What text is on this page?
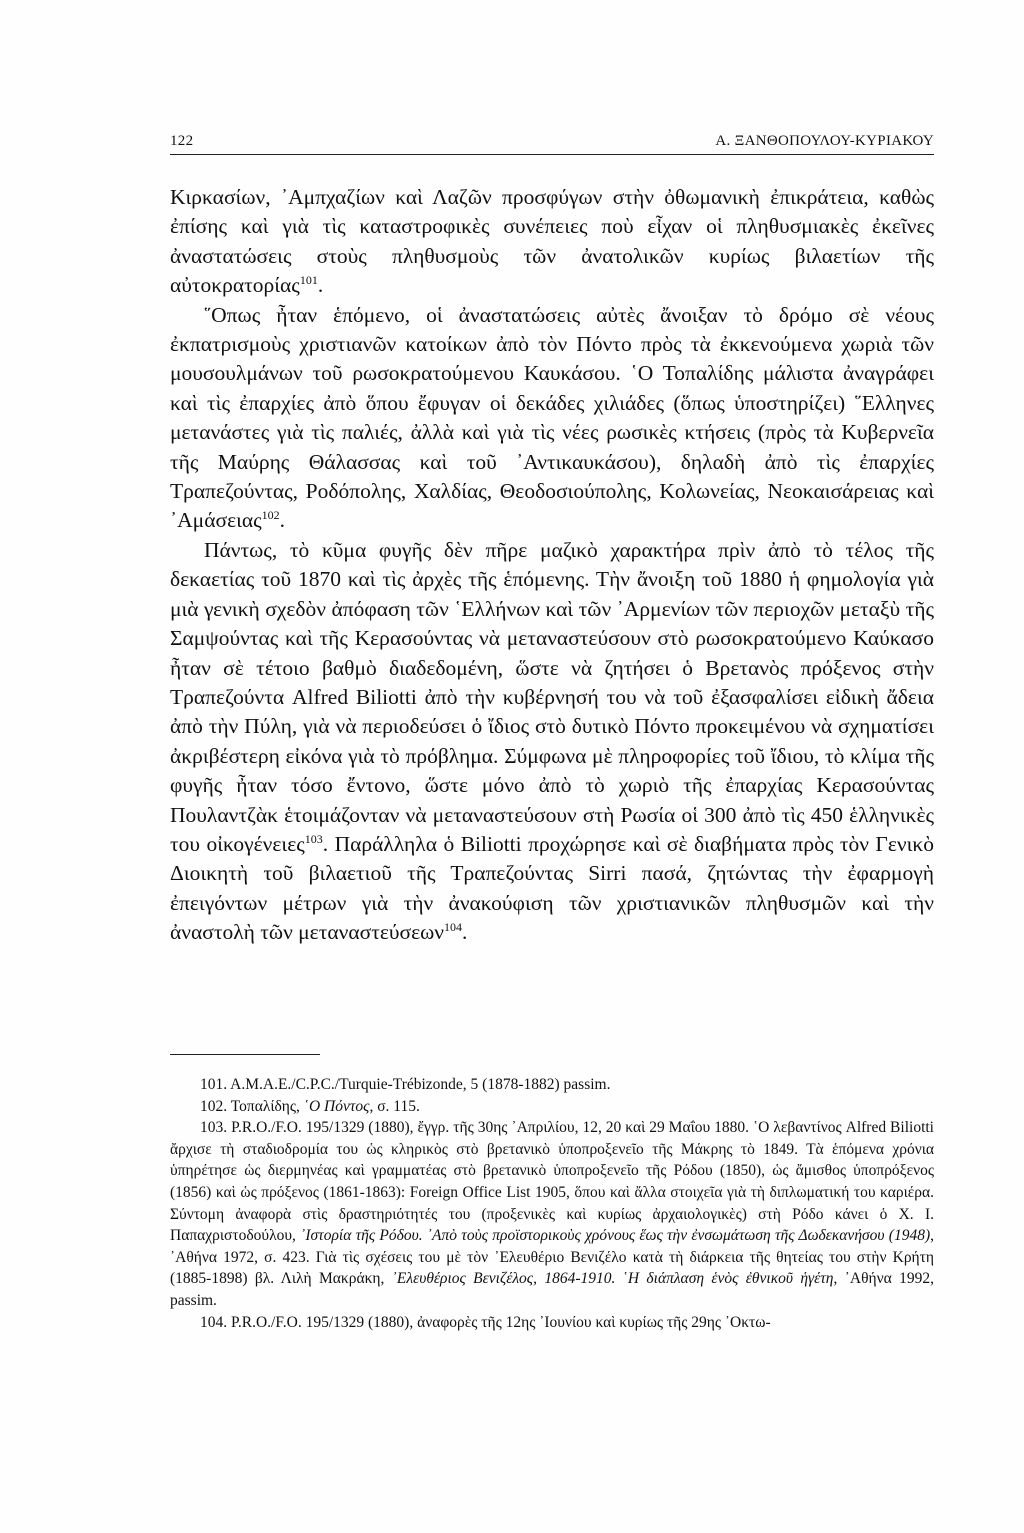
122	Α. ΞΑΝΘΟΠΟΥΛΟΥ-ΚΥΡΙΑΚΟΥ

Κιρκασίων, ᾿Αμπχαζίων καὶ Λαζῶν προσφύγων στὴν ὀθωμανικὴ ἐπικράτεια, καθὼς ἐπίσης καὶ γιὰ τὶς καταστροφικὲς συνέπειες ποὺ εἶχαν οἱ πληθυσμιακὲς ἐκεῖνες ἀναστατώσεις στοὺς πληθυσμοὺς τῶν ἀνατολικῶν κυρίως βιλαετίων τῆς αὐτοκρατορίας$^{101}$.

῞Οπως ἦταν ἑπόμενο, οἱ ἀναστατώσεις αὐτὲς ἄνοιξαν τὸ δρόμο σὲ νέους ἐκπατρισμοὺς χριστιανῶν κατοίκων ἀπὸ τὸν Πόντο πρὸς τὰ ἐκκενούμενα χωριὰ τῶν μουσουλμάνων τοῦ ρωσοκρατούμενου Καυκάσου. ῾Ο Τοπαλίδης μάλιστα ἀναγράφει καὶ τὶς ἐπαρχίες ἀπὸ ὅπου ἔφυγαν οἱ δεκάδες χιλιάδες (ὅπως ὑποστηρίζει) ῞Ελληνες μετανάστες γιὰ τὶς παλιές, ἀλλὰ καὶ γιὰ τὶς νέες ρωσικὲς κτήσεις (πρὸς τὰ Κυβερνεῖα τῆς Μαύρης Θάλασσας καὶ τοῦ ᾿Αντικαυκάσου), δηλαδὴ ἀπὸ τὶς ἐπαρχίες Τραπεζούντας, Ροδόπολης, Χαλδίας, Θεοδοσιούπολης, Κολωνείας, Νεοκαισάρειας καὶ ᾿Αμάσειας$^{102}$.

Πάντως, τὸ κῦμα φυγῆς δὲν πῆρε μαζικὸ χαρακτήρα πρὶν ἀπὸ τὸ τέλος τῆς δεκαετίας τοῦ 1870 καὶ τὶς ἀρχὲς τῆς ἑπόμενης. Τὴν ἄνοιξη τοῦ 1880 ἡ φημολογία γιὰ μιὰ γενικὴ σχεδὸν ἀπόφαση τῶν ῾Ελλήνων καὶ τῶν ᾿Αρμενίων τῶν περιοχῶν μεταξὺ τῆς Σαμψούντας καὶ τῆς Κερασούντας νὰ μεταναστεύσουν στὸ ρωσοκρατούμενο Καύκασο ἦταν σὲ τέτοιο βαθμὸ διαδεδομένη, ὥστε νὰ ζητήσει ὁ Βρετανὸς πρόξενος στὴν Τραπεζούντα Alfred Biliotti ἀπὸ τὴν κυβέρνησή του νὰ τοῦ ἐξασφαλίσει εἰδικὴ ἄδεια ἀπὸ τὴν Πύλη, γιὰ νὰ περιοδεύσει ὁ ἴδιος στὸ δυτικὸ Πόντο προκειμένου νὰ σχηματίσει ἀκριβέστερη εἰκόνα γιὰ τὸ πρόβλημα. Σύμφωνα μὲ πληροφορίες τοῦ ἴδιου, τὸ κλίμα τῆς φυγῆς ἦταν τόσο ἔντονο, ὥστε μόνο ἀπὸ τὸ χωριὸ τῆς ἐπαρχίας Κερασούντας Πουλαντζὰκ ἑτοιμάζονταν νὰ μεταναστεύσουν στὴ Ρωσία οἱ 300 ἀπὸ τὶς 450 ἑλληνικὲς του οἰκογένειες$^{103}$. Παράλληλα ὁ Biliotti προχώρησε καὶ σὲ διαβήματα πρὸς τὸν Γενικὸ Διοικητὴ τοῦ βιλαετιοῦ τῆς Τραπεζούντας Sirri πασά, ζητώντας τὴν ἐφαρμογὴ ἐπειγόντων μέτρων γιὰ τὴν ἀνακούφιση τῶν χριστιανικῶν πληθυσμῶν καὶ τὴν ἀναστολὴ τῶν μεταναστεύσεων$^{104}$.

101. A.M.A.E./C.P.C./Turquie-Trébizonde, 5 (1878-1882) passim.

102. Τοπαλίδης, ῾Ο Πόντος, σ. 115.

103. P.R.O./F.O. 195/1329 (1880), ἔγγρ. τῆς 30ης ᾿Απριλίου, 12, 20 καὶ 29 Μαΐου 1880. ῾Ο λεβαντίνος Alfred Biliotti ἄρχισε τὴ σταδιοδρομία του ὡς κληρικὸς στὸ βρετανικὸ ὑποπροξενεῖο τῆς Μάκρης τὸ 1849. Τὰ ἑπόμενα χρόνια ὑπηρέτησε ὡς διερμηνέας καὶ γραμματέας στὸ βρετανικὸ ὑποπροξενεῖο τῆς Ρόδου (1850), ὡς ἄμισθος ὑποπρόξενος (1856) καὶ ὡς πρόξενος (1861-1863): Foreign Office List 1905, ὅπου καὶ ἄλλα στοιχεῖα γιὰ τὴ διπλωματική του καριέρα. Σύντομη ἀναφορὰ στὶς δραστηριότητές του (προξενικὲς καὶ κυρίως ἀρχαιολογικὲς) στὴ Ρόδο κάνει ὁ Χ. Ι. Παπαχριστοδούλου, ᾿Ιστορία τῆς Ρόδου. ᾿Απὸ τοὺς προϊστορικοὺς χρόνους ἕως τὴν ἐνσωμάτωση τῆς Δωδεκανήσου (1948), ᾿Αθήνα 1972, σ. 423. Γιὰ τὶς σχέσεις του μὲ τὸν ᾿Ελευθέριο Βενιζέλο κατὰ τὴ διάρκεια τῆς θητείας του στὴν Κρήτη (1885-1898) βλ. Λιλὴ Μακράκη, ᾿Ελευθέριος Βενιζέλος, 1864-1910. ῾Η διάπλαση ἑνὸς ἐθνικοῦ ἡγέτη, ᾿Αθήνα 1992, passim.

104. P.R.O./F.O. 195/1329 (1880), ἀναφορὲς τῆς 12ης ᾿Ιουνίου καὶ κυρίως τῆς 29ης ᾿Οκτω-
